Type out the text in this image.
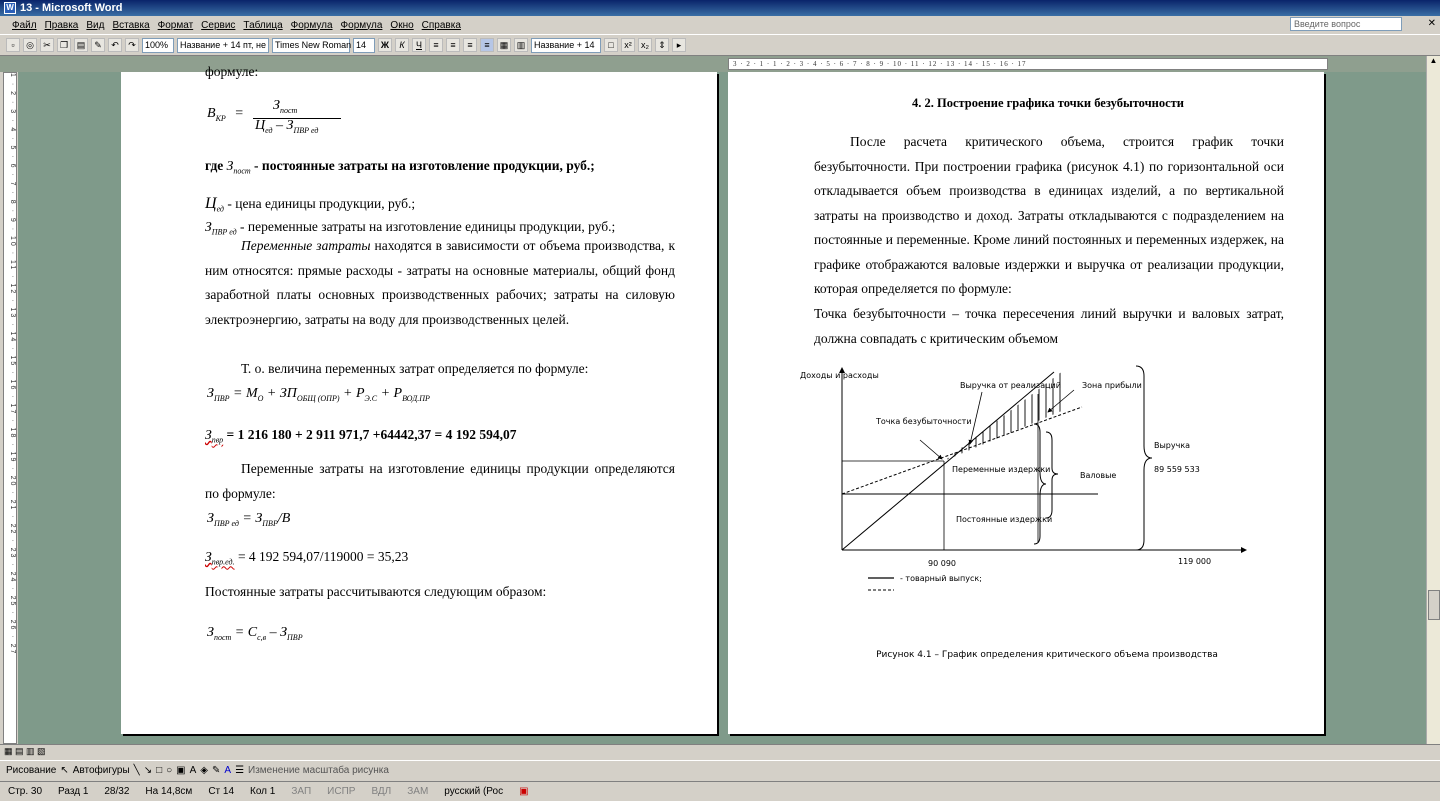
W 13 - Microsoft Word
Файл Правка Вид Вставка Формат Сервис Таблица Формула Формула Окно Справка	Введите вопрос	✕
▫	◎	✂	❐ ▤ ✎	↶	↷	100%	Название + 14 пт, не	Times New Roman 14	Ж	К	Ч	≡	≡	≡	≡	▦ ▥ Название + 14	□	x²	x₂	⇕	▸
3 · 2 · 1 · 1 · 2 · 3 · 4 · 5 · 6 · 7 · 8 · 9 · 10 · 11 · 12 · 13 · 14 · 15 · 16 · 17
1 · 2 · 3 · 4 · 5 · 6 · 7 · 8 · 9 · 10 · 11 · 12 · 13 · 14 · 15 · 16 · 17 · 18 · 19 · 20 · 21 · 22 · 23 · 24 · 25 · 26 · 27
формуле:
$В_{КР}$ =
$З_{пост}$
$Ц_{ед} - З_{ПВР ед}$
где $З_{пост}$ - постоянные затраты на изготовление продукции, руб.;
$Ц_{ед}$ - цена единицы продукции, руб.;
$З_{ПВР ед}$ - переменные затраты на изготовление единицы продукции, руб.;
Переменные затраты находятся в зависимости от объема производства, к ним относятся: прямые расходы - затраты на основные материалы, общий фонд заработной платы основных производственных рабочих; затраты на силовую электроэнергию, затраты на воду для производственных целей.
Т. о. величина переменных затрат определяется по формуле:
$З_{ПВР} = М_О + ЗП_{ОБЩ (ОПР)} + Р_{Э.С} + Р_{ВОД.ПР}$
$З_{пвр} = 1$ 216 180 + 2 911 971,7 +64442,37 = 4 192 594,07
Переменные затраты на изготовление единицы продукции определяются по формуле:
$З_{ПВР ед} = З_{ПВР}/В$
$З_{пвр.ед.} = 4$ 192 594,07/119000 = 35,23
Постоянные затраты рассчитываются следующим образом:
$З_{пост} = С_{с,в} - З_{ПВР}$
4. 2. Построение графика точки безубыточности
После расчета критического объема, строится график точки безубыточности. При построении графика (рисунок 4.1) по горизонтальной оси откладывается объем производства в единицах изделий, а по вертикальной затраты на производство и доход. Затраты откладываются с подразделением на постоянные и переменные. Кроме линий постоянных и переменных издержек, на графике отображаются валовые издержки и выручка от реализации продукции, которая определяется по формуле:
Точка безубыточности – точка пересечения линий выручки и валовых затрат, должна совпадать с критическим объемом
Доходы и расходы
Выручка от реализаций	Зона прибыли
Точка безубыточности
Переменные издержки
Постоянные издержки
Валовые
Выручка
89 559 533
90 090	119 000
- товарный выпуск;
Рисунок 4.1 – График определения критического объема производства
▲
▦ ▤ ▥ ▧
Рисование ↖ Автофигуры ╲ ↘ □ ○ ▣ A ◈ ✎ A ☰ Изменение масштаба рисунка
Стр. 30	Разд 1	28/32	На 14,8см	Ст 14	Кол 1	ЗАП	ИСПР	ВДЛ	ЗАМ	русский (Рос	▣
